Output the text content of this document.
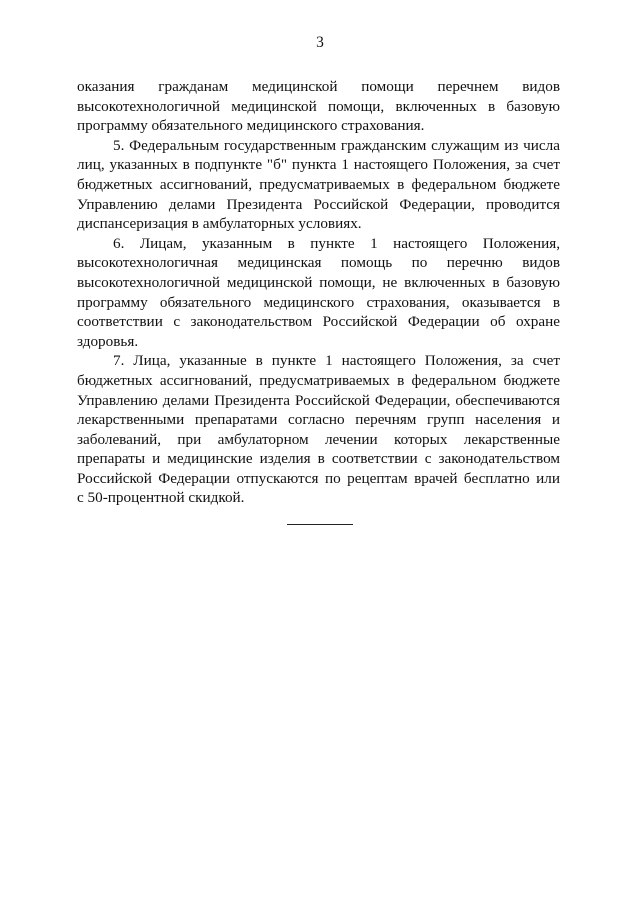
3

оказания гражданам медицинской помощи перечнем видов
высокотехнологичной медицинской помощи, включенных в базовую
программу обязательного медицинского страхования.

5. Федеральным государственным гражданским служащим из числа
лиц, указанных в подпункте "б" пункта 1 настоящего Положения, за счет
бюджетных ассигнований, предусматриваемых в федеральном бюджете
Управлению делами Президента Российской Федерации, проводится
диспансеризация в амбулаторных условиях.

6. Лицам, указанным в пункте 1 настоящего Положения,
высокотехнологичная медицинская помощь по перечню видов
высокотехнологичной медицинской помощи, не включенных в базовую
программу обязательного медицинского страхования, оказывается в
соответствии с законодательством Российской Федерации об охране
здоровья.

7. Лица, указанные в пункте 1 настоящего Положения, за счет
бюджетных ассигнований, предусматриваемых в федеральном бюджете
Управлению делами Президента Российской Федерации, обеспечиваются
лекарственными препаратами согласно перечням групп населения и
заболеваний, при амбулаторном лечении которых лекарственные
препараты и медицинские изделия в соответствии с законодательством
Российской Федерации отпускаются по рецептам врачей бесплатно или
с 50-процентной скидкой.
